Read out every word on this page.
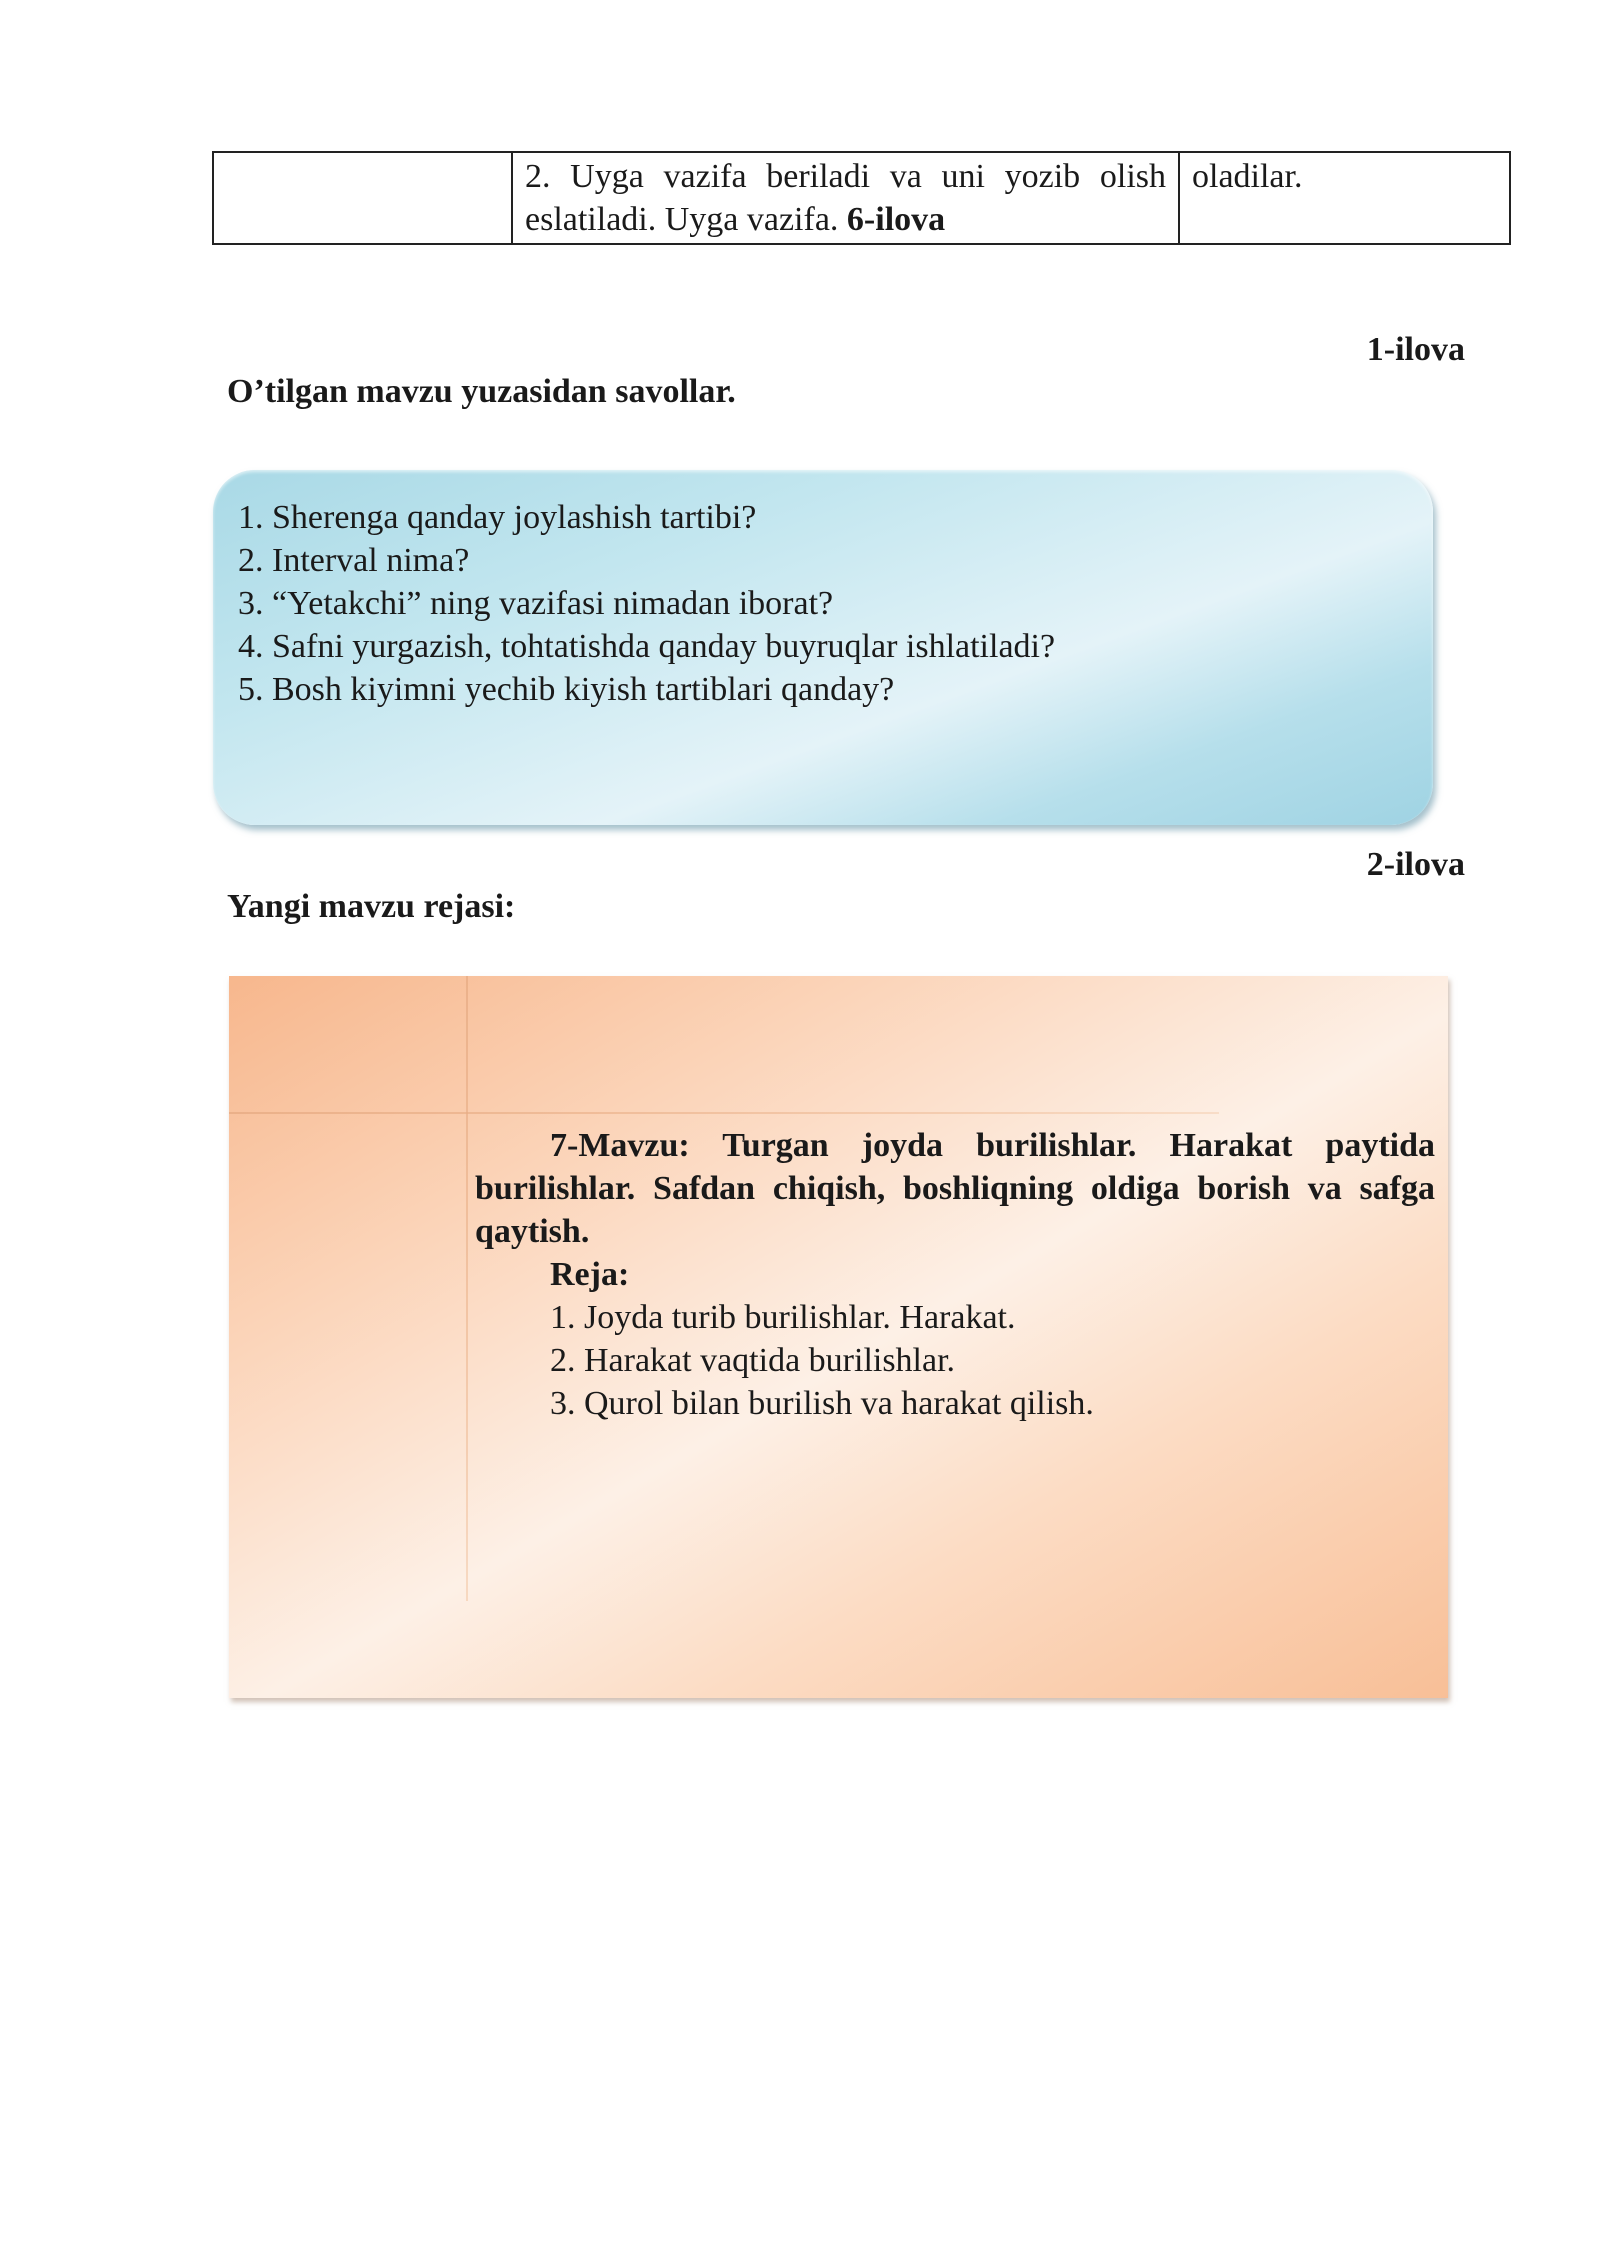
	2. Uyga vazifa beriladi va uni yozib olish eslatiladi. Uyga vazifa. 6-ilova	oladilar.
1-ilova
O’tilgan mavzu yuzasidan savollar.
1. Sherenga qanday joylashish tartibi?
2. Interval nima?
3. “Yetakchi” ning vazifasi nimadan iborat?
4. Safni yurgazish, tohtatishda qanday buyruqlar ishlatiladi?
5. Bosh kiyimni yechib kiyish tartiblari qanday?
2-ilova
Yangi mavzu rejasi:
7-Mavzu: Turgan joyda burilishlar. Harakat paytida burilishlar. Safdan chiqish, boshliqning oldiga borish va safga qaytish.
Reja:
1. Joyda turib burilishlar. Harakat.
2. Harakat vaqtida burilishlar.
3. Qurol bilan burilish va harakat qilish.
